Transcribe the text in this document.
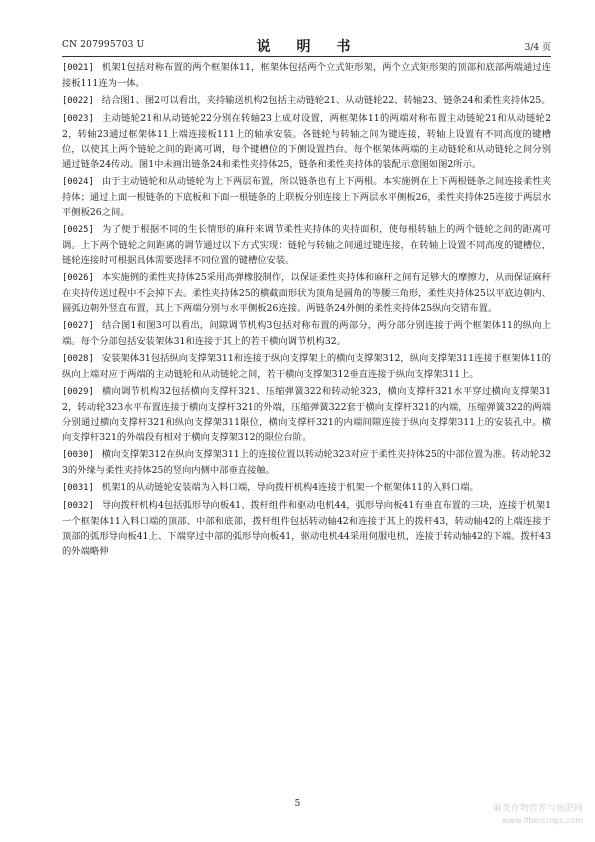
CN 207995703 U	说　明　书	3/4 页

[0021] 机架1包括对称布置的两个框架体11，框架体包括两个立式矩形架，两个立式矩形架的顶部和底部两端通过连接板111连为一体。

[0022] 结合图1、图2可以看出，夹持输送机构2包括主动链轮21、从动链轮22、转轴23、链条24和柔性夹持体25。

[0023] 主动链轮21和从动链轮22分别在转轴23上成对设置，两框架体11的两端对称布置主动链轮21和从动链轮22，转轴23通过框架体11上端连接板111上的轴承安装。各链轮与转轴之间为键连接，转轴上设置有不同高度的键槽位，以使其上两个链轮之间的距离可调，每个键槽位的下侧设置挡台。每个框架体两端的主动链轮和从动链轮之间分别通过链条24传动。图1中未画出链条24和柔性夹持体25，链条和柔性夹持体的装配示意图如图2所示。

[0024] 由于主动链轮和从动链轮为上下两层布置，所以链条也有上下两根。本实施例在上下两根链条之间连接柔性夹持体；通过上面一根链条的下底板和下面一根链条的上联板分别连接上下两层水平侧板26，柔性夹持体25连接于两层水平侧板26之间。

[0025] 为了便于根据不同的生长情形的麻秆来调节柔性夹持体的夹持面积，使每根转轴上的两个链轮之间的距离可调。上下两个链轮之间距离的调节通过以下方式实现：链轮与转轴之间通过键连接，在转轴上设置不同高度的键槽位，链轮连接时可根据具体需要选择不同位置的键槽位安装。

[0026] 本实施例的柔性夹持体25采用高弹橡胶制作，以保证柔性夹持体和麻秆之间有足够大的摩擦力，从而保证麻秆在夹持传送过程中不会掉下去。柔性夹持体25的横截面形状为顶角是圆角的等腰三角形，柔性夹持体25以平底边朝内、圆弧边朝外竖直布置，其上下两端分别与水平侧板26连接。两链条24外侧的柔性夹持体25纵向交错布置。

[0027] 结合图1和图3可以看出，间隙调节机构3包括对称布置的两部分，两分部分别连接于两个框架体11的纵向上端。每个分部包括安装架体31和连接于其上的若干横向调节机构32。

[0028] 安装架体31包括纵向支撑架311和连接于纵向支撑架上的横向支撑架312，纵向支撑架311连接于框架体11的纵向上端对应于两端的主动链轮和从动链轮之间，若干横向支撑架312垂直连接于纵向支撑架311上。

[0029] 横向调节机构32包括横向支撑杆321、压缩弹簧322和转动轮323，横向支撑杆321水平穿过横向支撑架312，转动轮323水平布置连接于横向支撑杆321的外端，压缩弹簧322套于横向支撑杆321的内端，压缩弹簧322的两端分别通过横向支撑杆321和纵向支撑架311限位，横向支撑杆321的内端间隙连接于纵向支撑架311上的安装孔中。横向支撑杆321的外端段有相对于横向支撑架312的限位台阶。

[0030] 横向支撑架312在纵向支撑架311上的连接位置以转动轮323对应于柔性夹持体25的中部位置为准。转动轮323的外缘与柔性夹持体25的竖向内侧中部垂直接触。

[0031] 机架1的从动链轮安装端为入料口端，导向拨杆机构4连接于机架一个框架体11的入料口端。

[0032] 导向拨杆机构4包括弧形导向板41、拨杆组件和驱动电机44，弧形导向板41有垂直布置的三块，连接于机架1一个框架体11入料口端的顶部、中部和底部，拨杆组件包括转动轴42和连接于其上的拨杆43，转动轴42的上端连接于顶部的弧形导向板41上、下端穿过中部的弧形导向板41，驱动电机44采用伺服电机，连接于转动轴42的下端。拨杆43的外端略伸

5	麻类作物营养与施肥网
www.fibercrops.com
